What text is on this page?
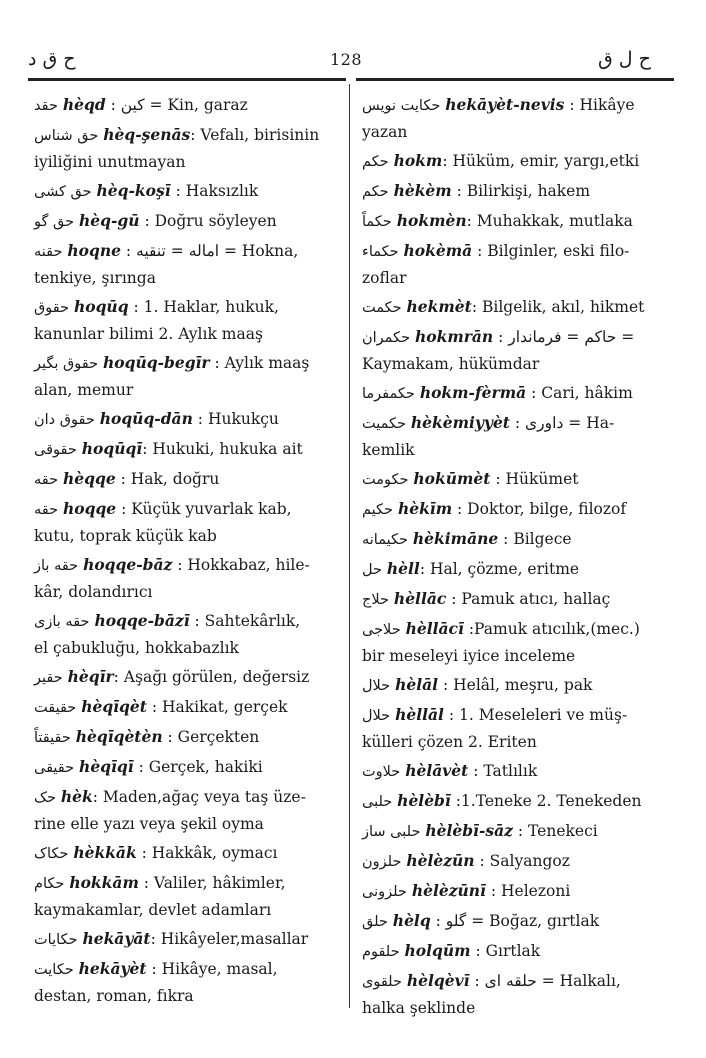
ح ق د	128	ح ل ق
حقد hèqd : کین = Kin, garaz
حق شناس hèq-şenās: Vefalı, birisinin
iyiliğini unutmayan
حق کشی hèq-koşī : Haksızlık
حق گو hèq-gū : Doğru söyleyen
حقنه hoqne : اماله = تنقیه = Hokna,
tenkiye, şırınga
حقوق hoqūq : 1. Haklar, hukuk,
kanunlar bilimi 2. Aylık maaş
حقوق بگیر hoqūq-begīr : Aylık maaş
alan, memur
حقوق دان hoqūq-dān : Hukukçu
حقوقی hoqūqī: Hukuki, hukuka ait
حقه hèqqe : Hak, doğru
حقه hoqqe : Küçük yuvarlak kab,
kutu, toprak küçük kab
حقه باز hoqqe-bāz : Hokkabaz, hile-
kâr, dolandırıcı
حقه بازی hoqqe-bāzī : Sahtekârlık,
el çabukluğu, hokkabazlık
حقیر hèqīr: Aşağı görülen, değersiz
حقیقت hèqīqèt : Hakikat, gerçek
حقیقتاً hèqīqètèn : Gerçekten
حقیقی hèqīqī : Gerçek, hakiki
حک hèk: Maden,ağaç veya taş üze-
rine elle yazı veya şekil oyma
حکاک hèkkāk : Hakkâk, oymacı
حکام hokkām : Valiler, hâkimler,
kaymakamlar, devlet adamları
حکایات hekāyāt: Hikâyeler,masallar
حکایت hekāyèt : Hikâye, masal,
destan, roman, fıkra
حکایت نویس hekāyèt-nevis : Hikâye
yazan
حکم hokm: Hüküm, emir, yargı,etki
حکم hèkèm : Bilirkişi, hakem
حکماً hokmèn: Muhakkak, mutlaka
حکماء hokèmā : Bilginler, eski filo-
zoflar
حکمت hekmèt: Bilgelik, akıl, hikmet
حکمران hokmrān : حاکم = فرماندار =
Kaymakam, hükümdar
حکمفرما hokm-fèrmā : Cari, hâkim
حکمیت hèkèmiyyèt : داوری = Ha-
kemlik
حکومت hokūmèt : Hükümet
حکیم hèkīm : Doktor, bilge, filozof
حکیمانه hèkimāne : Bilgece
حل hèll: Hal, çözme, eritme
حلاج hèllāc : Pamuk atıcı, hallaç
حلاجی hèllācī :Pamuk atıcılık,(mec.)
bir meseleyi iyice inceleme
حلال hèlāl : Helâl, meşru, pak
حلال hèllāl : 1. Meseleleri ve müş-
külleri çözen 2. Eriten
حلاوت hèlāvèt : Tatlılık
حلبی hèlèbī :1.Teneke 2. Tenekeden
حلبی ساز hèlèbī-sāz : Tenekeci
حلزون hèlèzūn : Salyangoz
حلزونی hèlèzūnī : Helezoni
حلق hèlq : گلو = Boğaz, gırtlak
حلقوم holqūm : Gırtlak
حلقوی hèlqèvī : حلقه ای = Halkalı,
halka şeklinde
